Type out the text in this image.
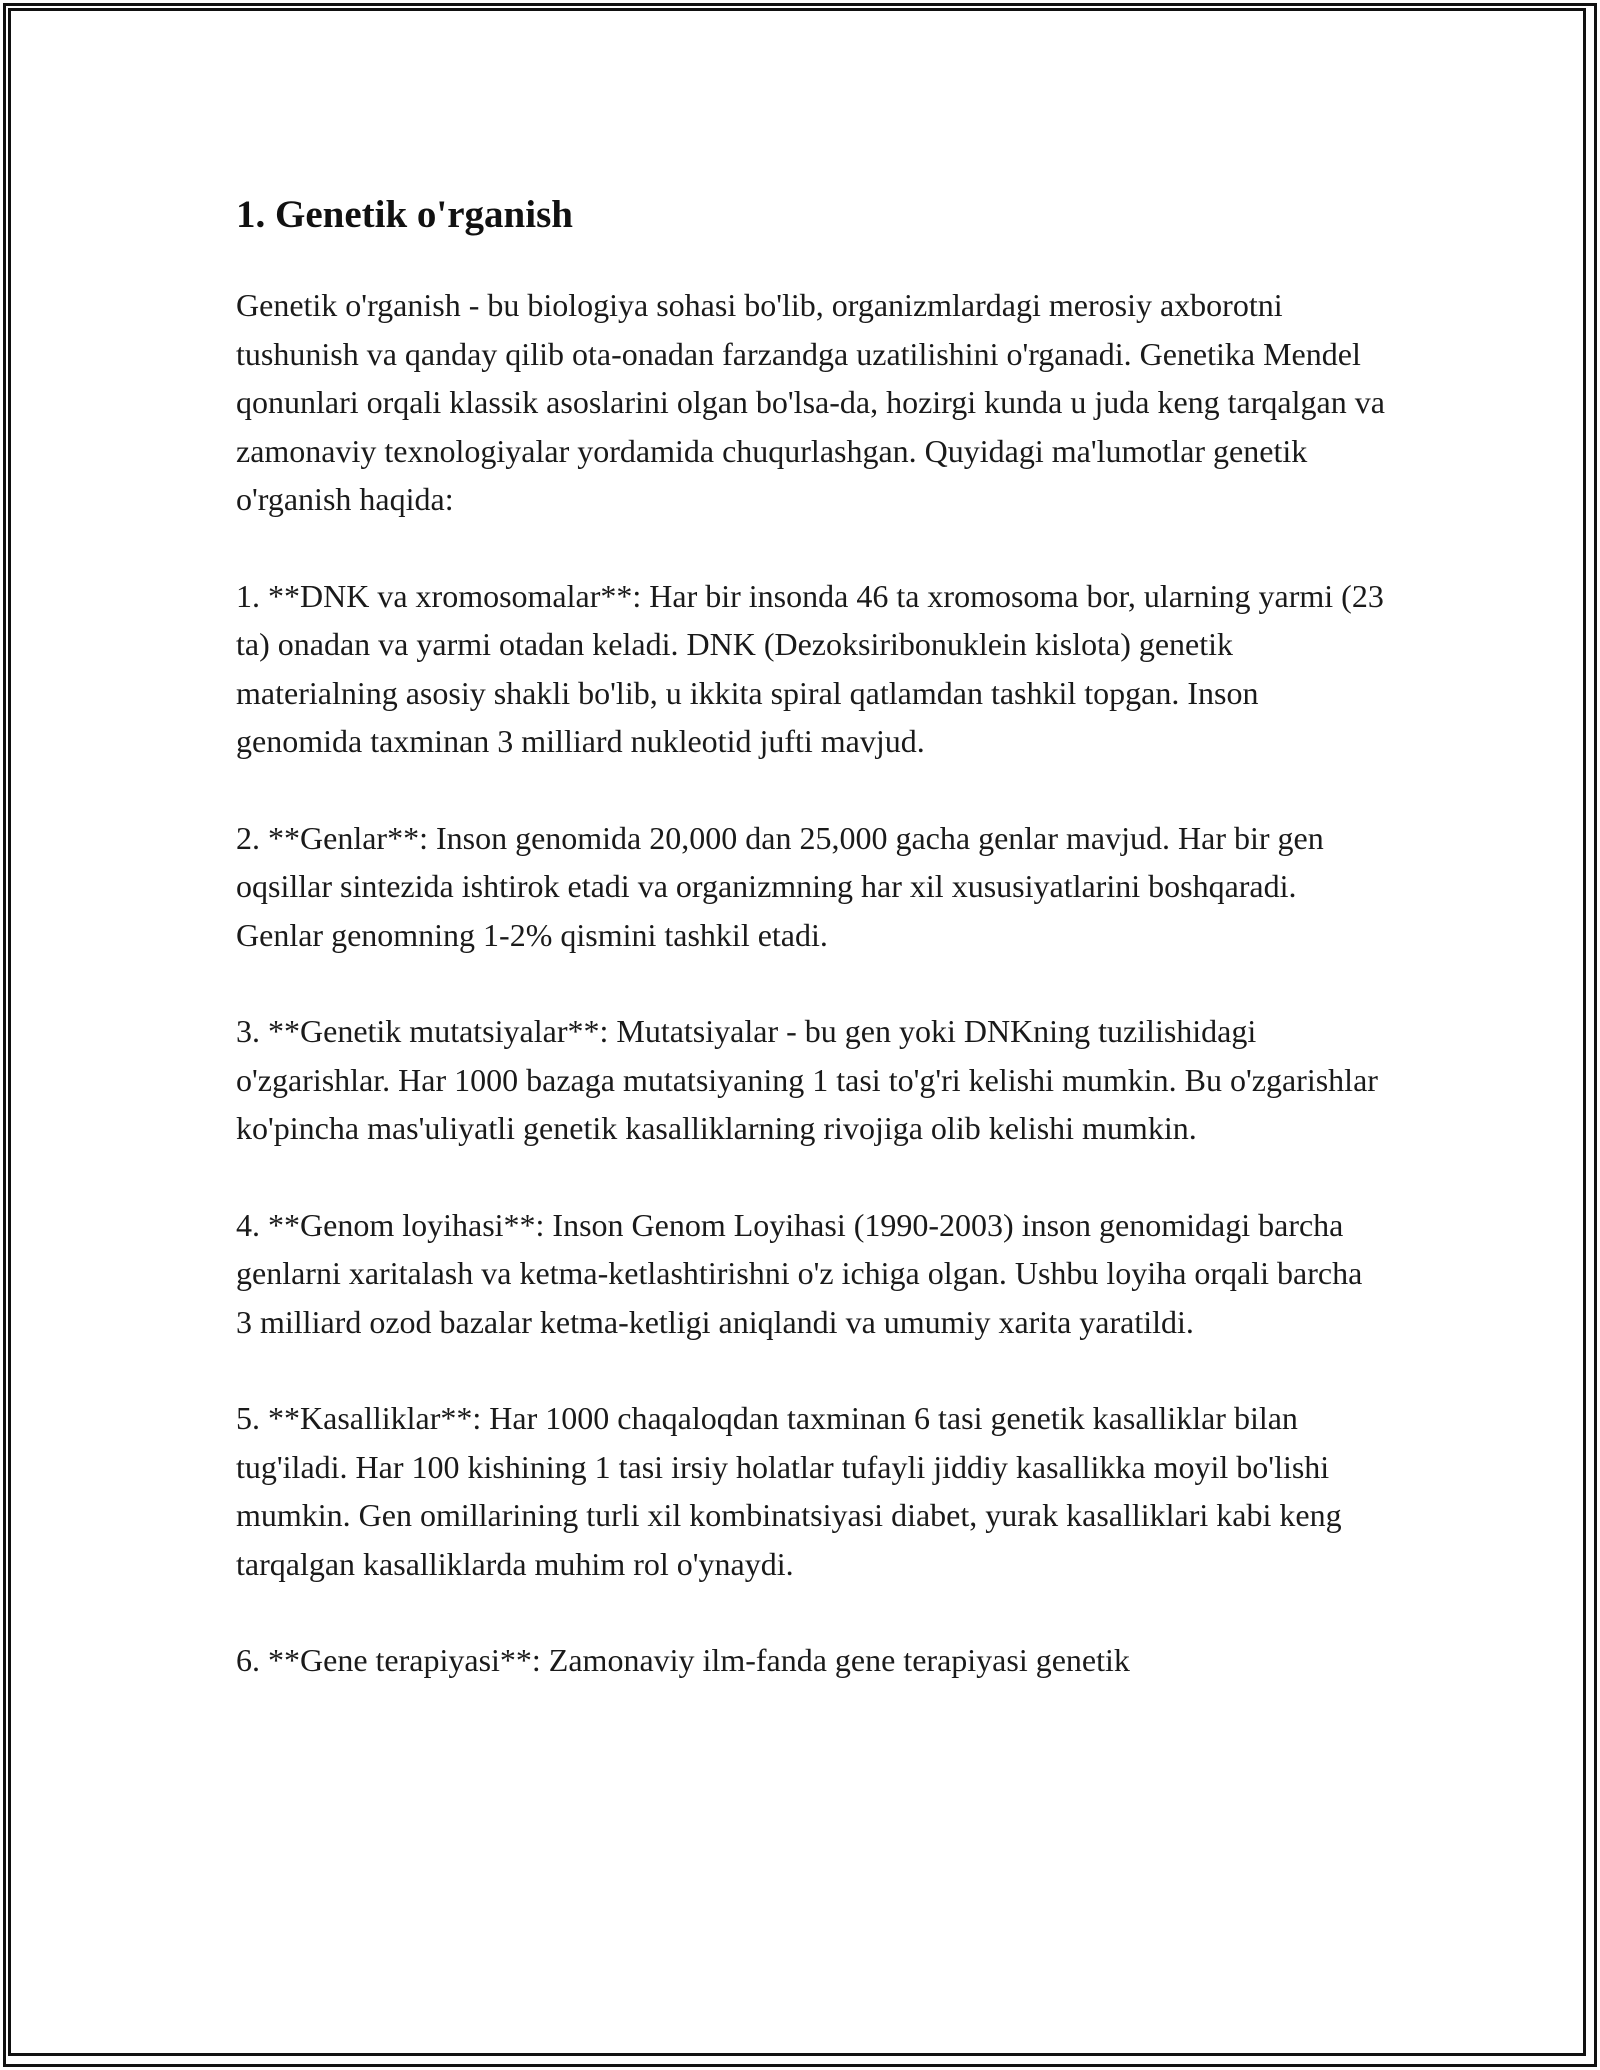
1. Genetik o'rganish

Genetik o'rganish - bu biologiya sohasi bo'lib, organizmlardagi merosiy axborotni tushunish va qanday qilib ota-onadan farzandga uzatilishini o'rganadi. Genetika Mendel qonunlari orqali klassik asoslarini olgan bo'lsa-da, hozirgi kunda u juda keng tarqalgan va zamonaviy texnologiyalar yordamida chuqurlashgan. Quyidagi ma'lumotlar genetik o'rganish haqida:

1. **DNK va xromosomalar**: Har bir insonda 46 ta xromosoma bor, ularning yarmi (23 ta) onadan va yarmi otadan keladi. DNK (Dezoksiribonuklein kislota) genetik materialning asosiy shakli bo'lib, u ikkita spiral qatlamdan tashkil topgan. Inson genomida taxminan 3 milliard nukleotid jufti mavjud.

2. **Genlar**: Inson genomida 20,000 dan 25,000 gacha genlar mavjud. Har bir gen oqsillar sintezida ishtirok etadi va organizmning har xil xususiyatlarini boshqaradi. Genlar genomning 1-2% qismini tashkil etadi.

3. **Genetik mutatsiyalar**: Mutatsiyalar - bu gen yoki DNKning tuzilishidagi o'zgarishlar. Har 1000 bazaga mutatsiyaning 1 tasi to'g'ri kelishi mumkin. Bu o'zgarishlar ko'pincha mas'uliyatli genetik kasalliklarning rivojiga olib kelishi mumkin.

4. **Genom loyihasi**: Inson Genom Loyihasi (1990-2003) inson genomidagi barcha genlarni xaritalash va ketma-ketlashtirishni o'z ichiga olgan. Ushbu loyiha orqali barcha 3 milliard ozod bazalar ketma-ketligi aniqlandi va umumiy xarita yaratildi.

5. **Kasalliklar**: Har 1000 chaqaloqdan taxminan 6 tasi genetik kasalliklar bilan tug'iladi. Har 100 kishining 1 tasi irsiy holatlar tufayli jiddiy kasallikka moyil bo'lishi mumkin. Gen omillarining turli xil kombinatsiyasi diabet, yurak kasalliklari kabi keng tarqalgan kasalliklarda muhim rol o'ynaydi.

6. **Gene terapiyasi**: Zamonaviy ilm-fanda gene terapiyasi genetik
